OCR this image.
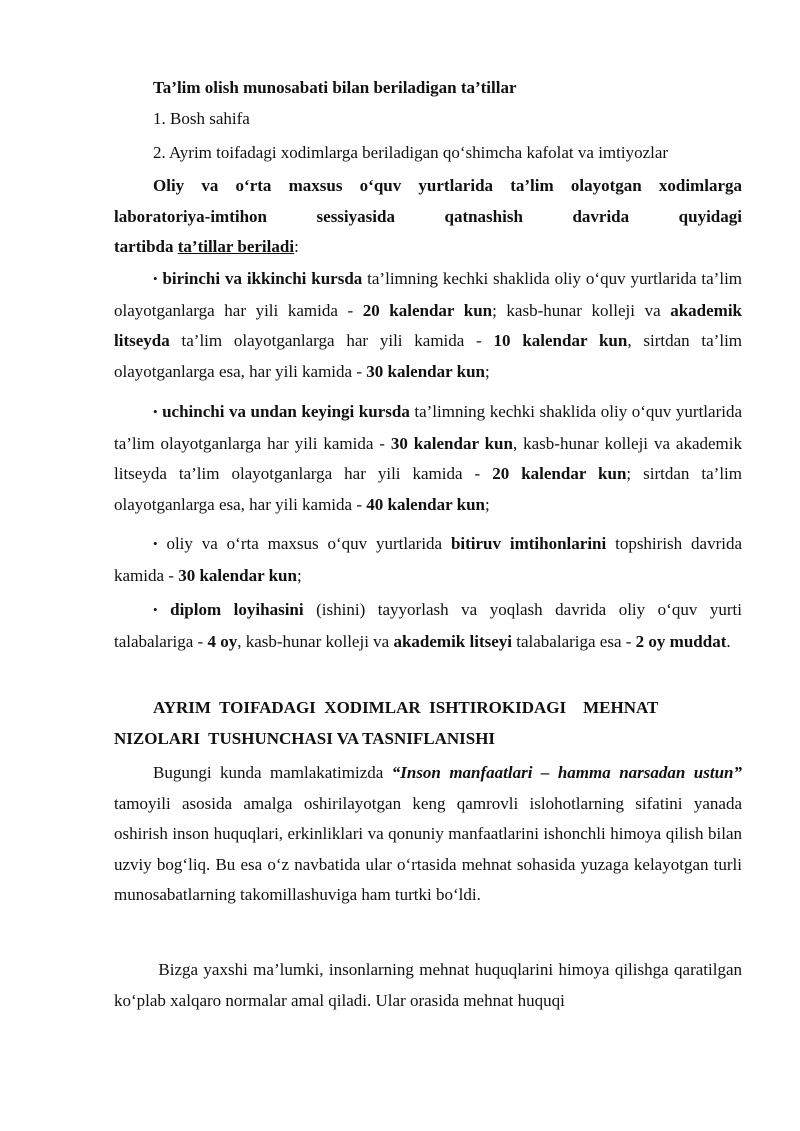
Ta’lim olish munosabati bilan beriladigan ta’tillar

1. Bosh sahifa

2. Ayrim toifadagi xodimlarga beriladigan qo‘shimcha kafolat va imtiyozlar

Oliy va o‘rta maxsus o‘quv yurtlarida ta’lim olayotgan xodimlarga
laboratoriya-imtihon	sessiyasida	qatnashish	davrida	quyidagi
tartibda ta’tillar beriladi:

• birinchi va ikkinchi kursda ta’limning kechki shaklida oliy o‘quv yurtlarida ta’lim olayotganlarga har yili kamida - 20 kalendar kun; kasb-hunar kolleji va akademik litseyda ta’lim olayotganlarga har yili kamida - 10 kalendar kun, sirtdan ta’lim olayotganlarga esa, har yili kamida - 30 kalendar kun;

• uchinchi va undan keyingi kursda ta’limning kechki shaklida oliy o‘quv yurtlarida ta’lim olayotganlarga har yili kamida - 30 kalendar kun, kasb-hunar kolleji va akademik litseyda ta’lim olayotganlarga har yili kamida - 20 kalendar kun; sirtdan ta’lim olayotganlarga esa, har yili kamida - 40 kalendar kun;

• oliy va o‘rta maxsus o‘quv yurtlarida bitiruv imtihonlarini topshirish davrida kamida - 30 kalendar kun;

• diplom loyihasini (ishini) tayyorlash va yoqlash davrida oliy o‘quv yurti talabalariga - 4 oy, kasb-hunar kolleji va akademik litseyi talabalariga esa - 2 oy muddat.

AYRIM  TOIFADAGI  XODIMLAR  ISHTIROKIDAGI    MEHNAT
NIZOLARI  TUSHUNCHASI VA TASNIFLANISHI

Bugungi kunda mamlakatimizda “Inson manfaatlari – hamma narsadan ustun” tamoyili asosida amalga oshirilayotgan keng qamrovli islohotlarning sifatini yanada oshirish inson huquqlari, erkinliklari va qonuniy manfaatlarini ishonchli himoya qilish bilan uzviy bog‘liq. Bu esa o‘z navbatida ular o‘rtasida mehnat sohasida yuzaga kelayotgan turli munosabatlarning takomillashuviga ham turtki bo‘ldi.

Bizga yaxshi ma’lumki, insonlarning mehnat huquqlarini himoya qilishga qaratilgan ko‘plab xalqaro normalar amal qiladi. Ular orasida mehnat huquqi
